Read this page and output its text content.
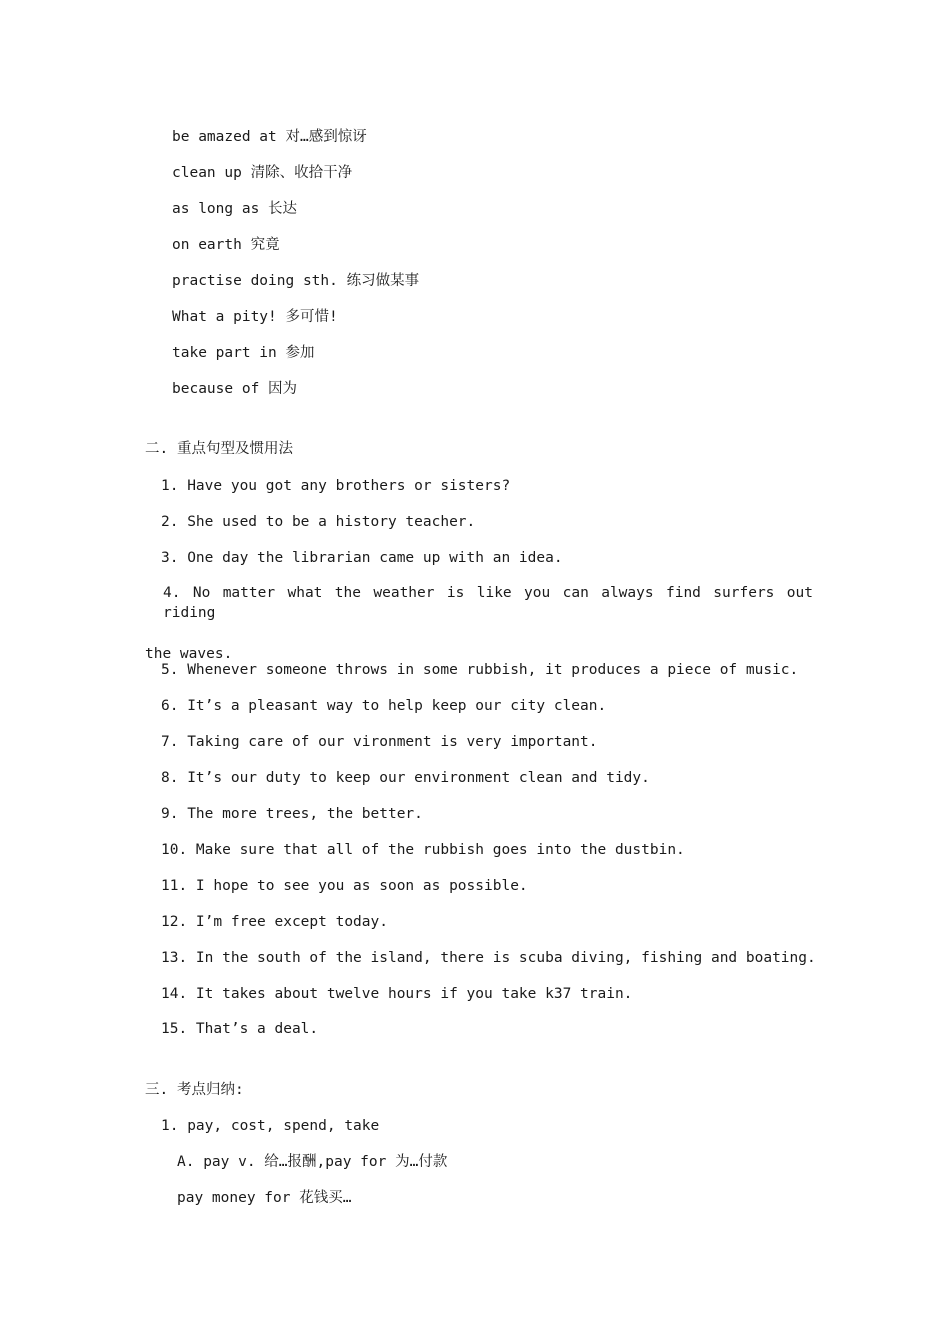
be amazed at 对…感到惊讶
clean up 清除、收拾干净
as long as 长达
on earth 究竟
practise doing sth. 练习做某事
What a pity! 多可惜!
take part in 参加
because of 因为
二. 重点句型及惯用法
1. Have you got any brothers or sisters?
2. She used to be a history teacher.
3. One day the librarian came up with an idea.
4. No matter what the weather is like you can always find surfers out riding
the waves.
5. Whenever someone throws in some rubbish, it produces a piece of music.
6. It’s a pleasant way to help keep our city clean.
7. Taking care of our vironment is very important.
8. It’s our duty to keep our environment clean and tidy.
9. The more trees, the better.
10. Make sure that all of the rubbish goes into the dustbin.
11. I hope to see you as soon as possible.
12. I’m free except today.
13. In the south of the island, there is scuba diving, fishing and boating.
14. It takes about twelve hours if you take k37 train.
15. That’s a deal.
三. 考点归纳:
1. pay, cost, spend, take
A. pay v. 给…报酬,pay for 为…付款
pay money for 花钱买…
